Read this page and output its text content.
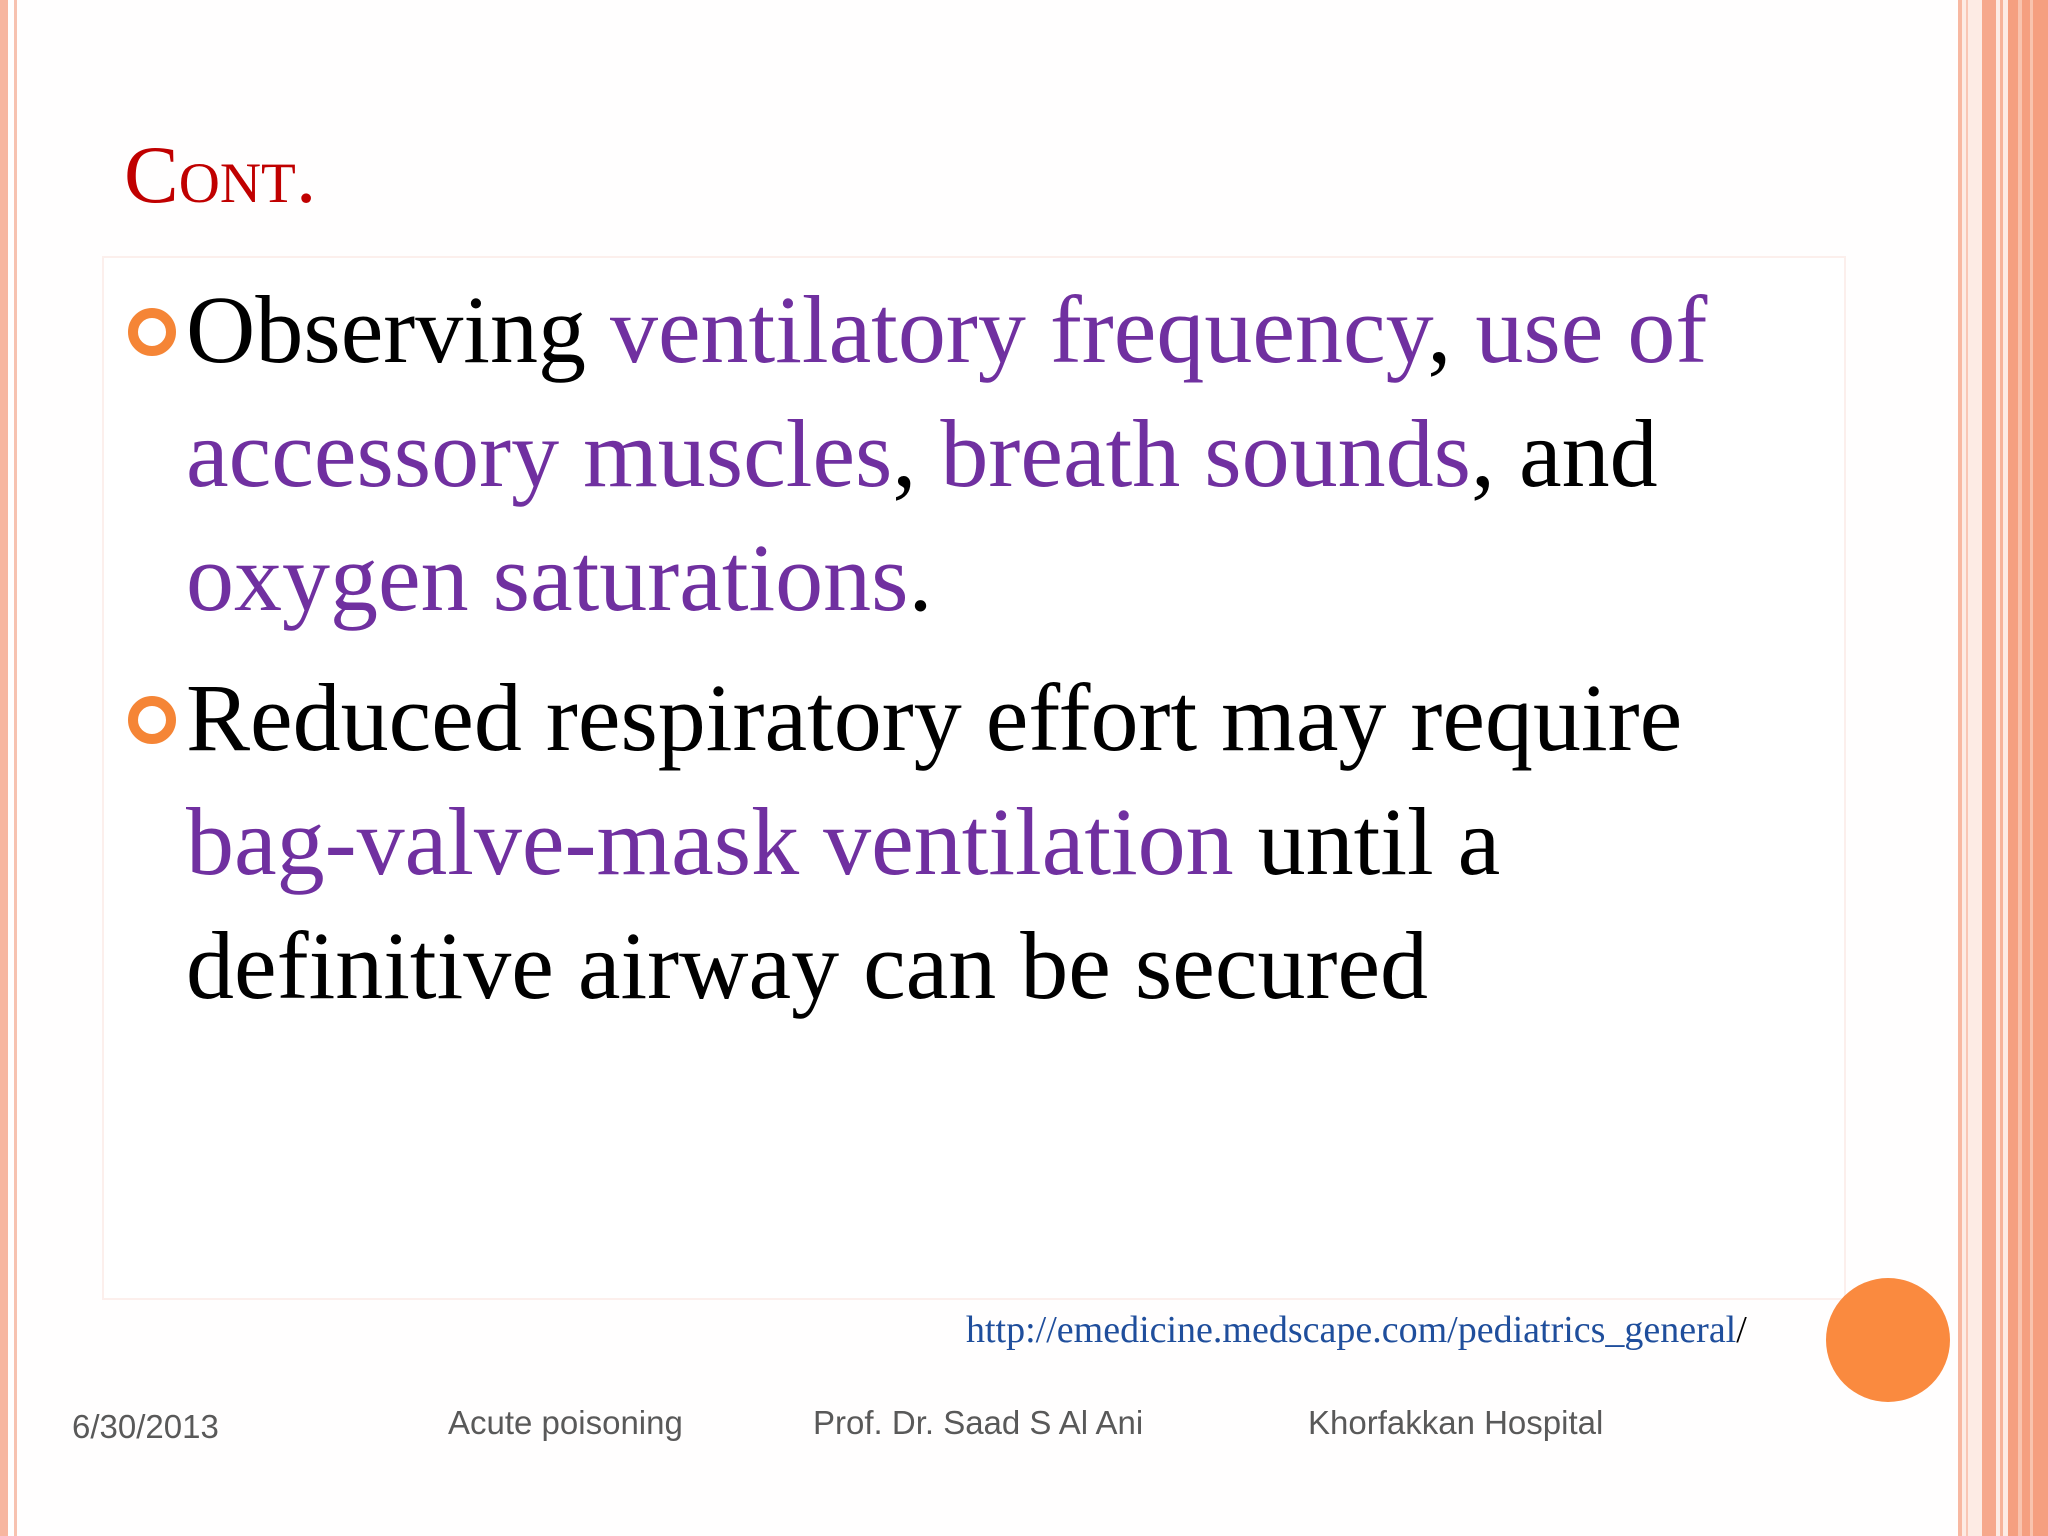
Cont.
Observing ventilatory frequency, use of accessory muscles, breath sounds, and oxygen saturations.
Reduced respiratory effort may require bag-valve-mask ventilation until a definitive airway can be secured
http://emedicine.medscape.com/pediatrics_general/
6/30/2013	Acute poisoning	Prof. Dr. Saad S Al Ani	Khorfakkan Hospital
